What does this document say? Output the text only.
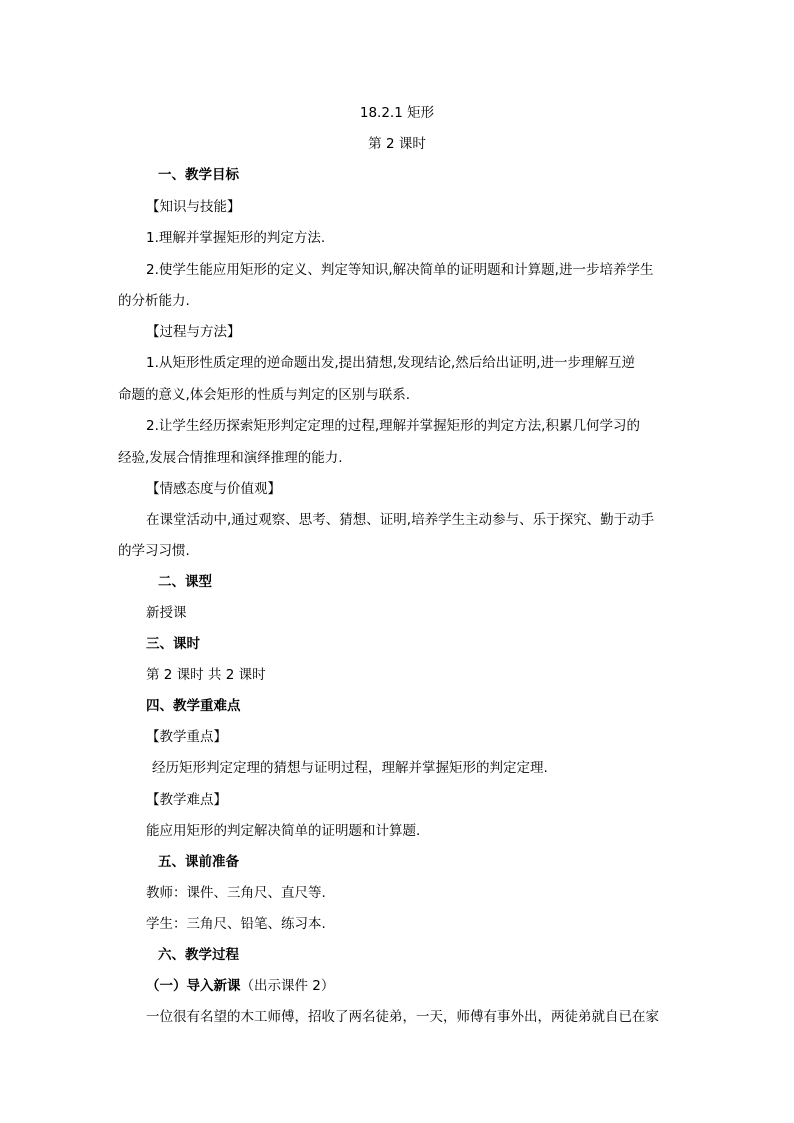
18.2.1 矩形
第 2 课时
一、教学目标
【知识与技能】
1.理解并掌握矩形的判定方法.
2.使学生能应用矩形的定义、判定等知识,解决简单的证明题和计算题,进一步培养学生
的分析能力.
【过程与方法】
1.从矩形性质定理的逆命题出发,提出猜想,发现结论,然后给出证明,进一步理解互逆
命题的意义,体会矩形的性质与判定的区别与联系.
2.让学生经历探索矩形判定定理的过程,理解并掌握矩形的判定方法,积累几何学习的
经验,发展合情推理和演绎推理的能力.
【情感态度与价值观】
在课堂活动中,通过观察、思考、猜想、证明,培养学生主动参与、乐于探究、勤于动手
的学习习惯.
二、课型
新授课
三、课时
第 2 课时 共 2 课时
四、教学重难点
【教学重点】
经历矩形判定定理的猜想与证明过程，理解并掌握矩形的判定定理.
【教学难点】
能应用矩形的判定解决简单的证明题和计算题.
五、课前准备
教师：课件、三角尺、直尺等.
学生：三角尺、铅笔、练习本.
六、教学过程
（一）导入新课（出示课件 2）
一位很有名望的木工师傅，招收了两名徒弟，一天，师傅有事外出，两徒弟就自已在家
